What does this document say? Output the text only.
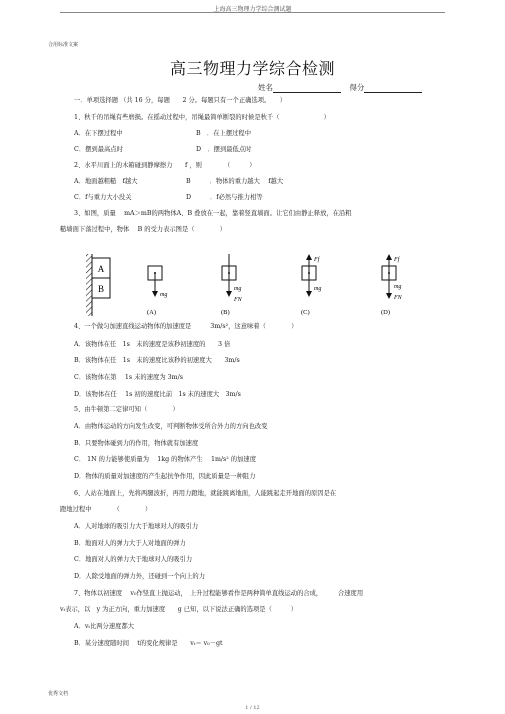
上海高三物理力学综合测试题
合用标准文案
高三物理力学综合检测
姓名	得分
一．单项选择题 （共 16 分，每题　　2 分。每题只有一个正确选项。　　）
1、秋千的吊绳有些磨损。在摇动过程中，吊绳最简单断裂的时候是秋千（　　　　　　　）
A．在下摆过程中	B　．在上摆过程中
C．摆到最高点时	D　．摆到最低点时
2、水平川面上的木箱碰到静摩擦力　　f ，则　　　　（　　　）
A．地面越粗糙　f越大	B　　　．物体的重力越大　 f越大
C．f与重力大小没关	D　　　．f必然与推力相等
3、如图，质量　 mA＞mB的两物体A、B 叠放在一起，靠着竖直墙面。让它们由静止释放，在沿粗
糙墙面下落过程中，物体　 B 的受力表示图是（　　　　）
A
B
mg
(A)
mg
FN
(B)
Ff
mg
(C)
Ff
mg
FN
(D)
4、一个做匀加速直线运动物体的加速度是　　　3m/s²，这意味着（　　　　）
A．该物体在任　1s　末的速度是该秒初速度的　　3 倍
B．该物体在任　1s　末的速度比该秒的初速度大　　3m/s
C．该物体在第　 1s 末的速度为 3m/s
D．该物体在任　 1s 初的速度比前　1s 末的速度大　3m/s
5、由牛顿第二定律可知（　　　　）
A．由物体运动的方向发生改变，可判断物体受所合外力的方向也改变
B．只要物体碰到力的作用，物体就有加速度
C． 1N 的力能够使质量为　 1kg 的物体产生　 1m/s² 的加速度
D．物体的质量对加速度的产生起抗争作用，因此质量是一种阻力
6、人站在地面上，先将两腿波折，再用力蹬地，就能跳离地面，人能跳起走开地面的原因是在
蹬地过程中　　　　（　　　　）
A．人对地球的吸引力大于地球对人的吸引力
B．地面对人的弹力大于人对地面的弹力
C．地面对人的弹力大于地球对人的吸引力
D．人除受地面的弹力外，还碰到一个向上的力
7、物体以初速度　 v₀作竖直上抛运动，　上升过程能够看作是两种简单直线运动的合成，　　　合速度用
vₜ表示，以　y 为正方向，重力加速度　　g 已知，以下说法正确的选项是（　　　）
A．vₜ比两分速度都大
B．某分速度随时间　 t的变化规律是　　vₜ＝ v₀－gt
优秀文档
1 / 12
